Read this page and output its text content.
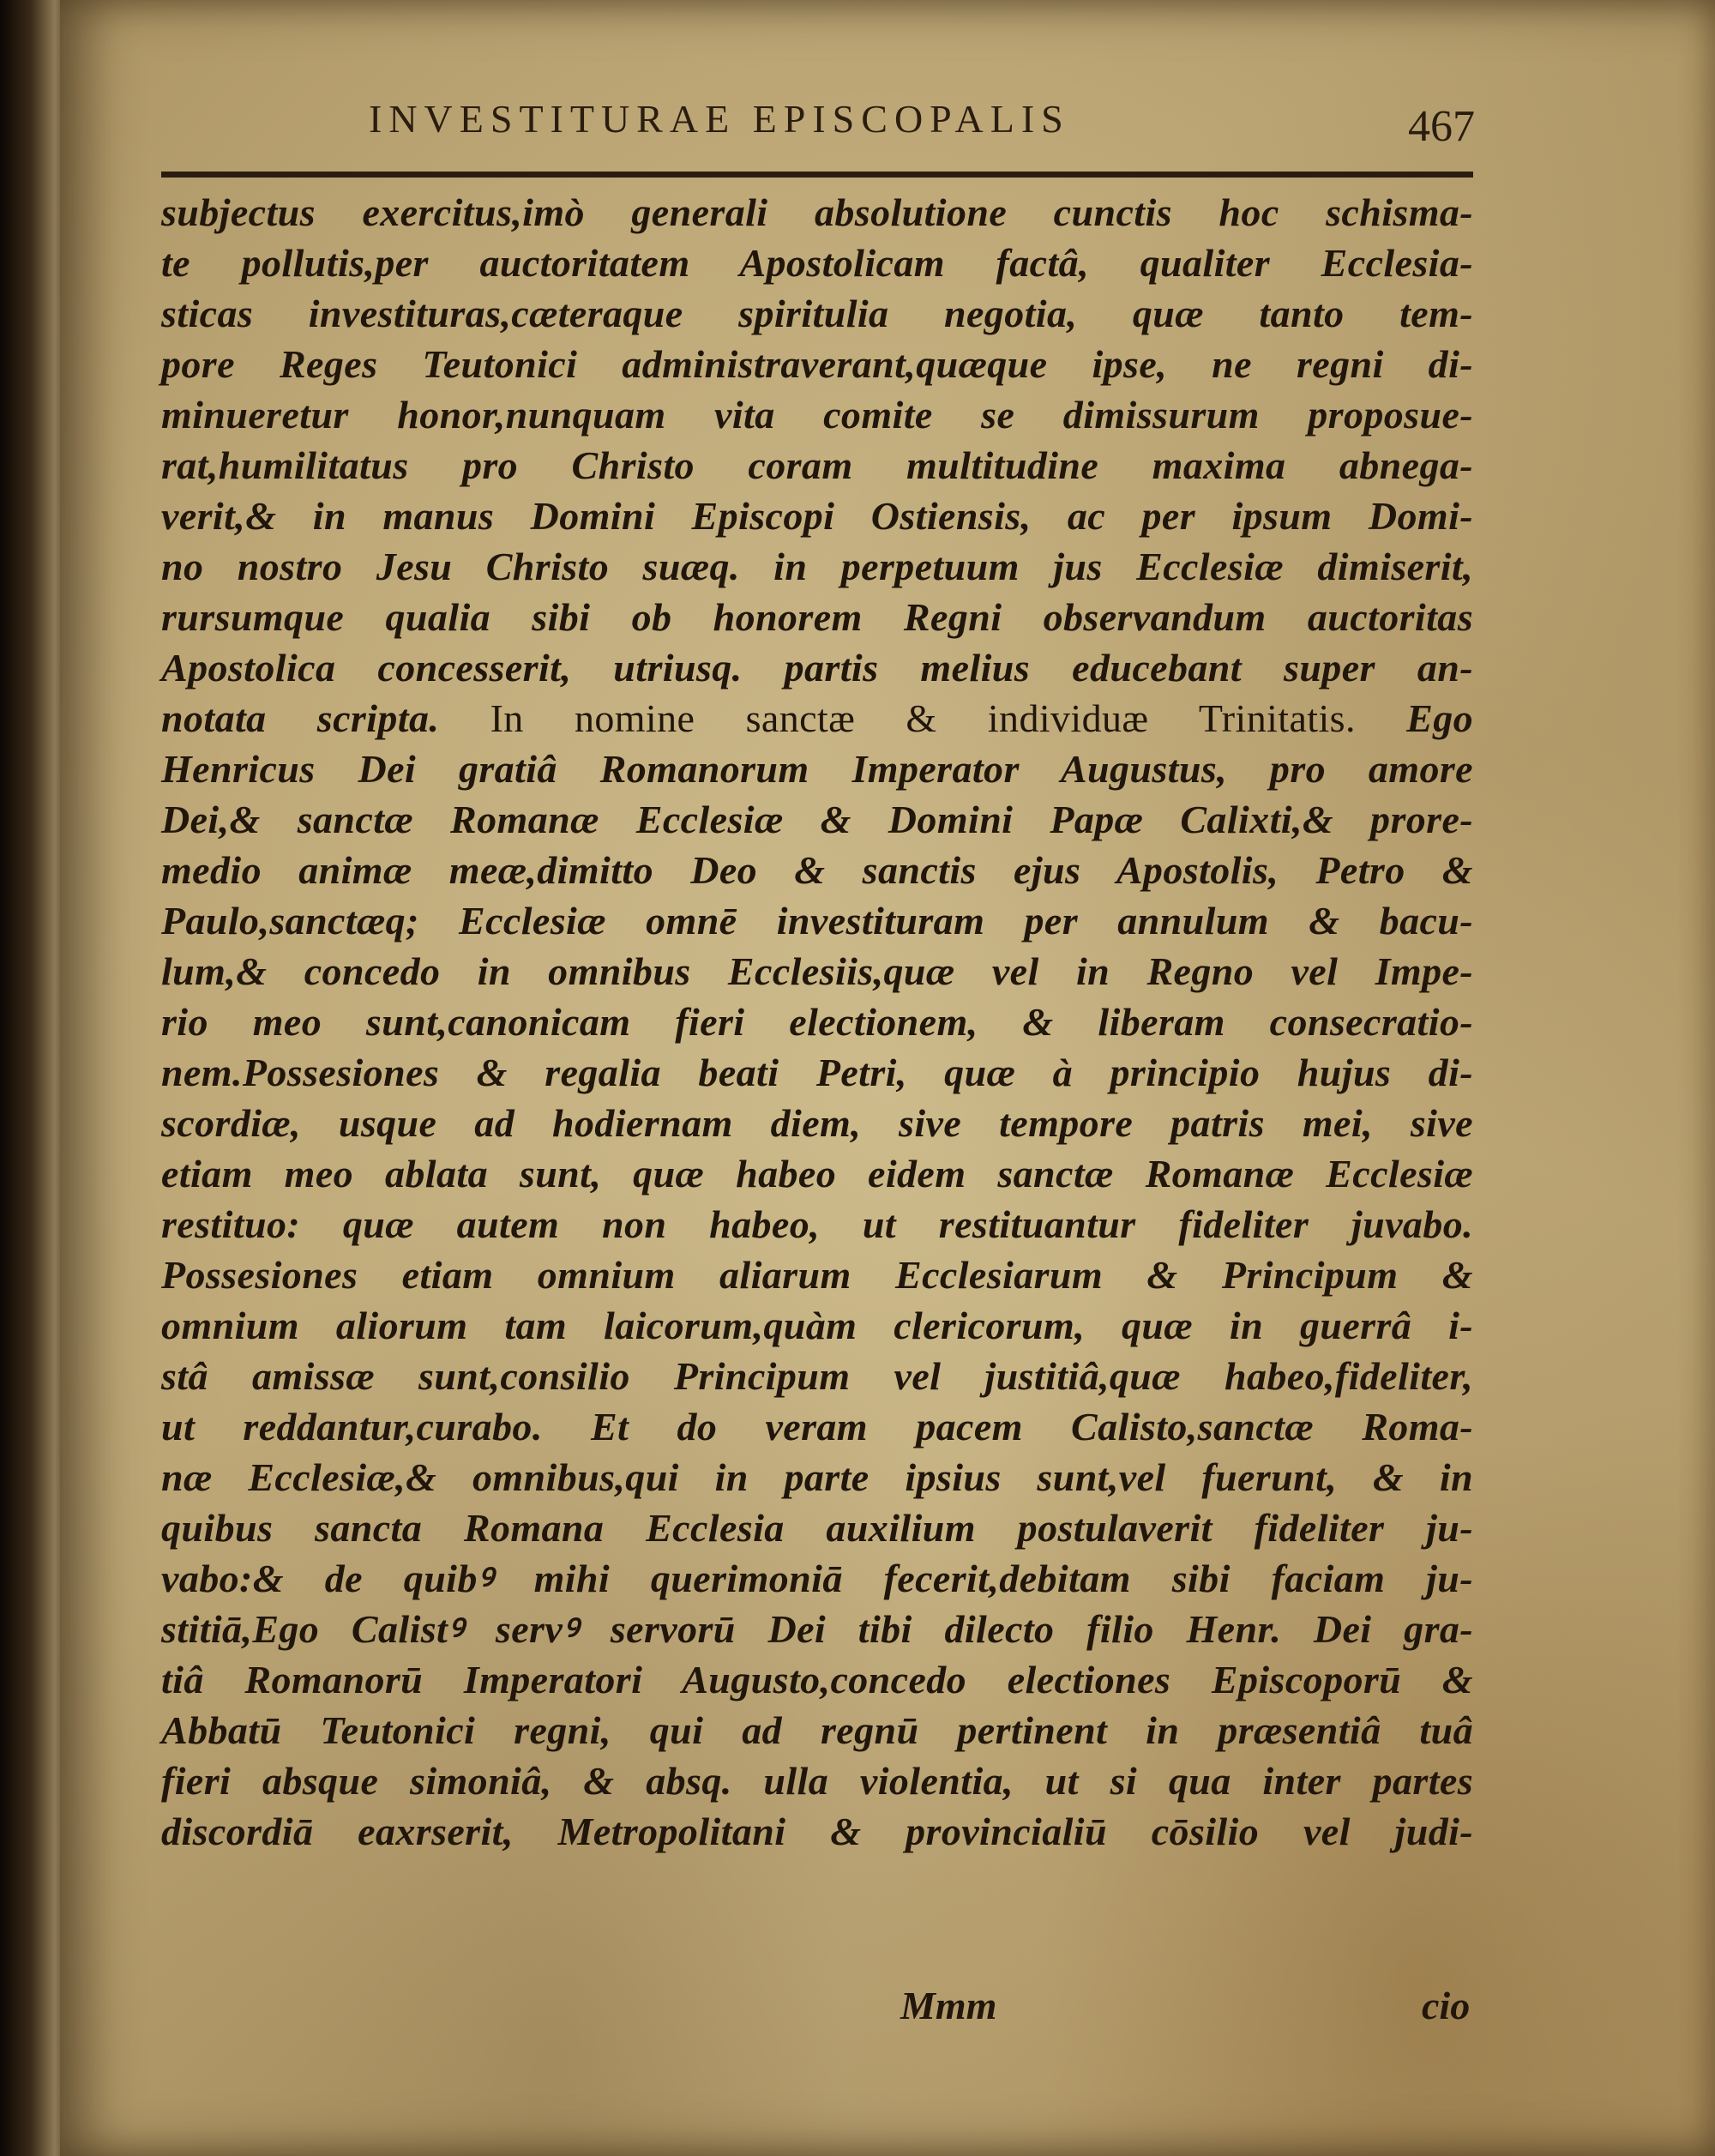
INVESTITURAE EPISCOPALIS	467
subjectus exercitus,imò generali absolutione cunctis hoc schisma-
te pollutis,per auctoritatem Apostolicam factâ, qualiter Ecclesia-
sticas investituras,cæteraque spiritulia negotia, quæ tanto tem-
pore Reges Teutonici administraverant,quæque ipse, ne regni di-
minueretur honor,nunquam vita comite se dimissurum proposue-
rat,humilitatus pro Christo coram multitudine maxima abnega-
verit,& in manus Domini Episcopi Ostiensis, ac per ipsum Domi-
no nostro Jesu Christo suæq. in perpetuum jus Ecclesiæ dimiserit,
rursumque qualia sibi ob honorem Regni observandum auctoritas
Apostolica concesserit, utriusq. partis melius educebant super an-
notata scripta. In nomine sanctæ & individuæ Trinitatis. Ego
Henricus Dei gratiâ Romanorum Imperator Augustus, pro amore
Dei,& sanctæ Romanæ Ecclesiæ & Domini Papæ Calixti,& prore-
medio animæ meæ,dimitto Deo & sanctis ejus Apostolis, Petro &
Paulo,sanctæq; Ecclesiæ omnē investituram per annulum & bacu-
lum,& concedo in omnibus Ecclesiis,quæ vel in Regno vel Impe-
rio meo sunt,canonicam fieri electionem, & liberam consecratio-
nem.Possesiones & regalia beati Petri, quæ à principio hujus di-
scordiæ, usque ad hodiernam diem, sive tempore patris mei, sive
etiam meo ablata sunt, quæ habeo eidem sanctæ Romanæ Ecclesiæ
restituo: quæ autem non habeo, ut restituantur fideliter juvabo.
Possesiones etiam omnium aliarum Ecclesiarum & Principum &
omnium aliorum tam laicorum,quàm clericorum, quæ in guerrâ i-
stâ amissæ sunt,consilio Principum vel justitiâ,quæ habeo,fideliter,
ut reddantur,curabo. Et do veram pacem Calisto,sanctæ Roma-
næ Ecclesiæ,& omnibus,qui in parte ipsius sunt,vel fuerunt, & in
quibus sancta Romana Ecclesia auxilium postulaverit fideliter ju-
vabo:& de quibꝰ mihi querimoniā fecerit,debitam sibi faciam ju-
stitiā,Ego Calistꝰ servꝰ servorū Dei tibi dilecto filio Henr. Dei gra-
tiâ Romanorū Imperatori Augusto,concedo electiones Episcoporū &
Abbatū Teutonici regni, qui ad regnū pertinent in præsentiâ tuâ
fieri absque simoniâ, & absq. ulla violentia, ut si qua inter partes
discordiā eaxrserit, Metropolitani & provincialiū cōsilio vel judi-
Mmm	cio
